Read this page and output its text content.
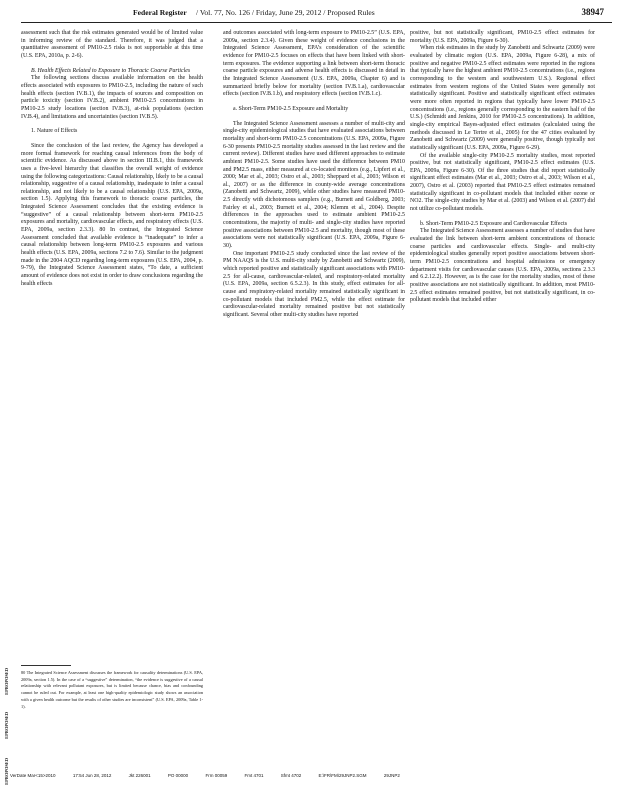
Federal Register / Vol. 77, No. 126 / Friday, June 29, 2012 / Proposed Rules	38947

assessment such that the risk estimates generated would be of limited value in informing review of the standard. Therefore, it was judged that a quantitative assessment of PM10-2.5 risks is not supportable at this time (U.S. EPA, 2010a, p. 2-6).

B. Health Effects Related to Exposure to Thoracic Coarse Particles

The following sections discuss available information on the health effects associated with exposures to PM10-2.5, including the nature of such health effects (section IV.B.1), the impacts of sources and composition on particle toxicity (section IV.B.2), ambient PM10-2.5 concentrations in PM10-2.5 study locations (section IV.B.3), at-risk populations (section IV.B.4), and limitations and uncertainties (section IV.B.5).

1. Nature of Effects

Since the conclusion of the last review, the Agency has developed a more formal framework for reaching causal inferences from the body of scientific evidence. As discussed above in section III.B.1, this framework uses a five-level hierarchy that classifies the overall weight of evidence using the following categorizations: Causal relationship, likely to be a causal relationship, suggestive of a causal relationship, inadequate to infer a causal relationship, and not likely to be a causal relationship (U.S. EPA, 2009a, section 1.5). Applying this framework to thoracic coarse particles, the Integrated Science Assessment concludes that the existing evidence is “suggestive” of a causal relationship between short-term PM10-2.5 exposures and mortality, cardiovascular effects, and respiratory effects (U.S. EPA, 2009a, section 2.3.3). 80 In contrast, the Integrated Science Assessment concluded that available evidence is “inadequate” to infer a causal relationship between long-term PM10-2.5 exposures and various health effects (U.S. EPA, 2009a, sections 7.2 to 7.6). Similar to the judgment made in the 2004 AQCD regarding long-term exposures (U.S. EPA, 2004, p. 9-79), the Integrated Science Assessment states, “To date, a sufficient amount of evidence does not exist in order to draw conclusions regarding the health effects

80 The Integrated Science Assessment discusses the framework for causality determinations (U.S. EPA, 2009a, section 1.5). In the case of a “suggestive” determination, “the evidence is suggestive of a causal relationship with relevant pollutant exposures, but is limited because chance, bias and confounding cannot be ruled out. For example, at least one high-quality epidemiologic study shows an association with a given health outcome but the results of other studies are inconsistent” (U.S. EPA, 2009a, Table 1-1).

and outcomes associated with long-term exposure to PM10-2.5” (U.S. EPA, 2009a, section 2.3.4). Given these weight of evidence conclusions in the Integrated Science Assessment, EPA’s consideration of the scientific evidence for PM10-2.5 focuses on effects that have been linked with short-term exposures. The evidence supporting a link between short-term thoracic coarse particle exposures and adverse health effects is discussed in detail in the Integrated Science Assessment (U.S. EPA, 2009a, Chapter 6) and is summarized briefly below for mortality (section IV.B.1.a), cardiovascular effects (section IV.B.1.b), and respiratory effects (section IV.B.1.c).

a. Short-Term PM10-2.5 Exposure and Mortality

The Integrated Science Assessment assesses a number of multi-city and single-city epidemiological studies that have evaluated associations between mortality and short-term PM10-2.5 concentrations (U.S. EPA, 2009a, Figure 6-30 presents PM10-2.5 mortality studies assessed in the last review and the current review). Different studies have used different approaches to estimate ambient PM10-2.5. Some studies have used the difference between PM10 and PM2.5 mass, either measured at co-located monitors (e.g., Lipfert et al., 2000; Mar et al., 2003; Ostro et al., 2003; Sheppard et al., 2003; Wilson et al., 2007) or as the difference in county-wide average concentrations (Zanobetti and Schwartz, 2009), while other studies have measured PM10-2.5 directly with dichotomous samplers (e.g., Burnett and Goldberg, 2003; Fairley et al., 2003; Burnett et al., 2004; Klemm et al., 2004). Despite differences in the approaches used to estimate ambient PM10-2.5 concentrations, the majority of multi- and single-city studies have reported positive associations between PM10-2.5 and mortality, though most of these associations were not statistically significant (U.S. EPA, 2009a, Figure 6-30).

One important PM10-2.5 study conducted since the last review of the PM NAAQS is the U.S. multi-city study by Zanobetti and Schwartz (2009), which reported positive and statistically significant associations with PM10-2.5 for all-cause, cardiovascular-related, and respiratory-related mortality (U.S. EPA, 2009a, section 6.5.2.3). In this study, effect estimates for all-cause and respiratory-related mortality remained statistically significant in co-pollutant models that included PM2.5, while the effect estimate for cardiovascular-related mortality remained positive but not statistically significant. Several other multi-city studies have reported

positive, but not statistically significant, PM10-2.5 effect estimates for mortality (U.S. EPA, 2009a, Figure 6-30).

When risk estimates in the study by Zanobetti and Schwartz (2009) were evaluated by climatic region (U.S. EPA, 2009a, Figure 6-28), a mix of positive and negative PM10-2.5 effect estimates were reported in the regions that typically have the highest ambient PM10-2.5 concentrations (i.e., regions corresponding to the western and southwestern U.S.). Regional effect estimates from western regions of the United States were generally not statistically significant. Positive and statistically significant effect estimates were more often reported in regions that typically have lower PM10-2.5 concentrations (i.e., regions generally corresponding to the eastern half of the U.S.) (Schmidt and Jenkins, 2010 for PM10-2.5 concentrations). In addition, single-city empirical Bayes-adjusted effect estimates (calculated using the methods discussed in Le Tertre et al., 2005) for the 47 cities evaluated by Zanobetti and Schwartz (2009) were generally positive, though typically not statistically significant (U.S. EPA, 2009a, Figure 6-29).

Of the available single-city PM10-2.5 mortality studies, most reported positive, but not statistically significant, PM10-2.5 effect estimates (U.S. EPA, 2009a, Figure 6-30). Of the three studies that did report statistically significant effect estimates (Mar et al., 2003; Ostro et al., 2003; Wilson et al., 2007), Ostro et al. (2003) reported that PM10-2.5 effect estimates remained statistically significant in co-pollutant models that included either ozone or NO2. The single-city studies by Mar et al. (2003) and Wilson et al. (2007) did not utilize co-pollutant models.

b. Short-Term PM10-2.5 Exposure and Cardiovascular Effects

The Integrated Science Assessment assesses a number of studies that have evaluated the link between short-term ambient concentrations of thoracic coarse particles and cardiovascular effects. Single- and multi-city epidemiological studies generally report positive associations between short-term PM10-2.5 concentrations and hospital admissions or emergency department visits for cardiovascular causes (U.S. EPA, 2009a, sections 2.3.3 and 6.2.12.2). However, as is the case for the mortality studies, most of these positive associations are not statistically significant. In addition, most PM10-2.5 effect estimates remained positive, but not statistically significant, in co-pollutant models that included either

EPROPOSED
EPROPOSED
EPROPOSED VerDate Mar<15>2010	17:54 Jun 28, 2012	Jkt 226001	PO 00000	Frm 00059	Fmt 4701	Sfmt 4702	E:\FR\FM\29JNP2.SGM	29JNP2
